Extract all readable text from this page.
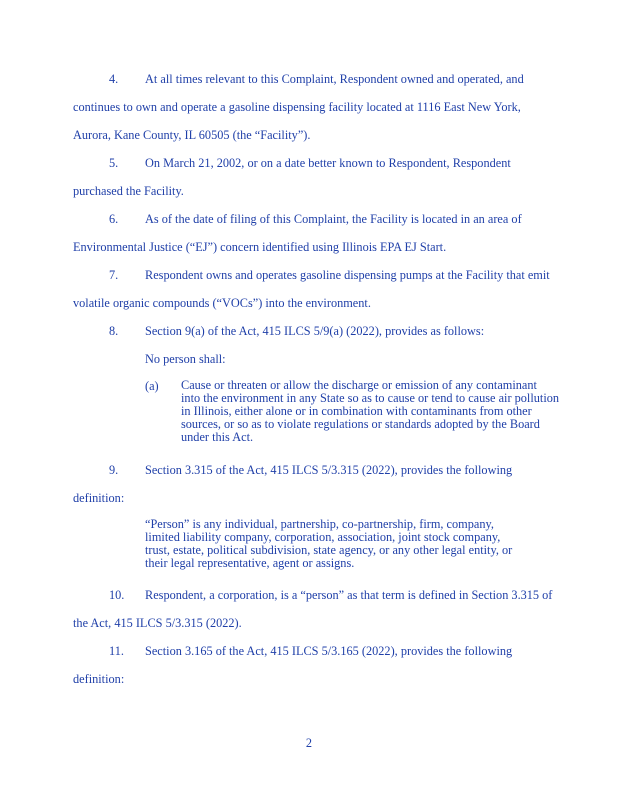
4. At all times relevant to this Complaint, Respondent owned and operated, and
continues to own and operate a gasoline dispensing facility located at 1116 East New York,
Aurora, Kane County, IL 60505 (the “Facility”).
5. On March 21, 2002, or on a date better known to Respondent, Respondent
purchased the Facility.
6. As of the date of filing of this Complaint, the Facility is located in an area of
Environmental Justice (“EJ”) concern identified using Illinois EPA EJ Start.
7. Respondent owns and operates gasoline dispensing pumps at the Facility that emit
volatile organic compounds (“VOCs”) into the environment.
8. Section 9(a) of the Act, 415 ILCS 5/9(a) (2022), provides as follows:
No person shall:
(a) Cause or threaten or allow the discharge or emission of any contaminant
into the environment in any State so as to cause or tend to cause air pollution
in Illinois, either alone or in combination with contaminants from other
sources, or so as to violate regulations or standards adopted by the Board
under this Act.
9. Section 3.315 of the Act, 415 ILCS 5/3.315 (2022), provides the following
definition:
“Person” is any individual, partnership, co-partnership, firm, company,
limited liability company, corporation, association, joint stock company,
trust, estate, political subdivision, state agency, or any other legal entity, or
their legal representative, agent or assigns.
10. Respondent, a corporation, is a “person” as that term is defined in Section 3.315 of
the Act, 415 ILCS 5/3.315 (2022).
11. Section 3.165 of the Act, 415 ILCS 5/3.165 (2022), provides the following
definition:
2
